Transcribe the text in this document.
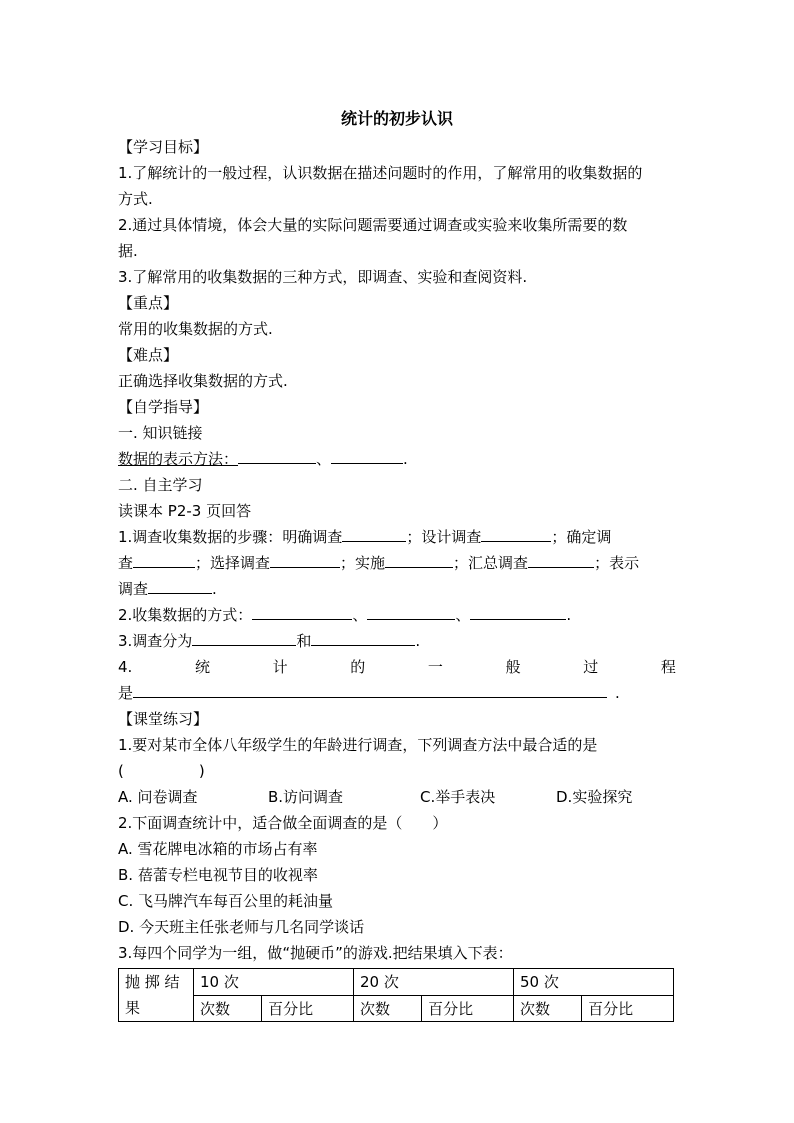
统计的初步认识
【学习目标】
1.了解统计的一般过程，认识数据在描述问题时的作用，了解常用的收集数据的
方式.
2.通过具体情境，体会大量的实际问题需要通过调查或实验来收集所需要的数
据.
3.了解常用的收集数据的三种方式，即调查、实验和查阅资料.
【重点】
常用的收集数据的方式.
【难点】
正确选择收集数据的方式.
【自学指导】
一. 知识链接
数据的表示方法：	、	.
二. 自主学习
读课本 P2-3 页回答
1.调查收集数据的步骤：明确调查	；设计调查	；确定调
查	；选择调查	；实施	；汇总调查	；表示
调查	.
2.收集数据的方式：	、	、	.
3.调查分为	和	.
4.	统	计	的	一	般	过	程
是	.
【课堂练习】
1.要对某市全体八年级学生的年龄进行调查，下列调查方法中最合适的是
(　　　　　)
A. 问卷调查	B.访问调查	C.举手表决	D.实验探究
2.下面调查统计中，适合做全面调查的是（　　）
A. 雪花牌电冰箱的市场占有率
B. 蓓蕾专栏电视节目的收视率
C. 飞马牌汽车每百公里的耗油量
D. 今天班主任张老师与几名同学谈话
3.每四个同学为一组，做“抛硬币”的游戏.把结果填入下表：
抛 掷 结果	10 次		20 次		50 次	
	次数	百分比	次数	百分比	次数	百分比
